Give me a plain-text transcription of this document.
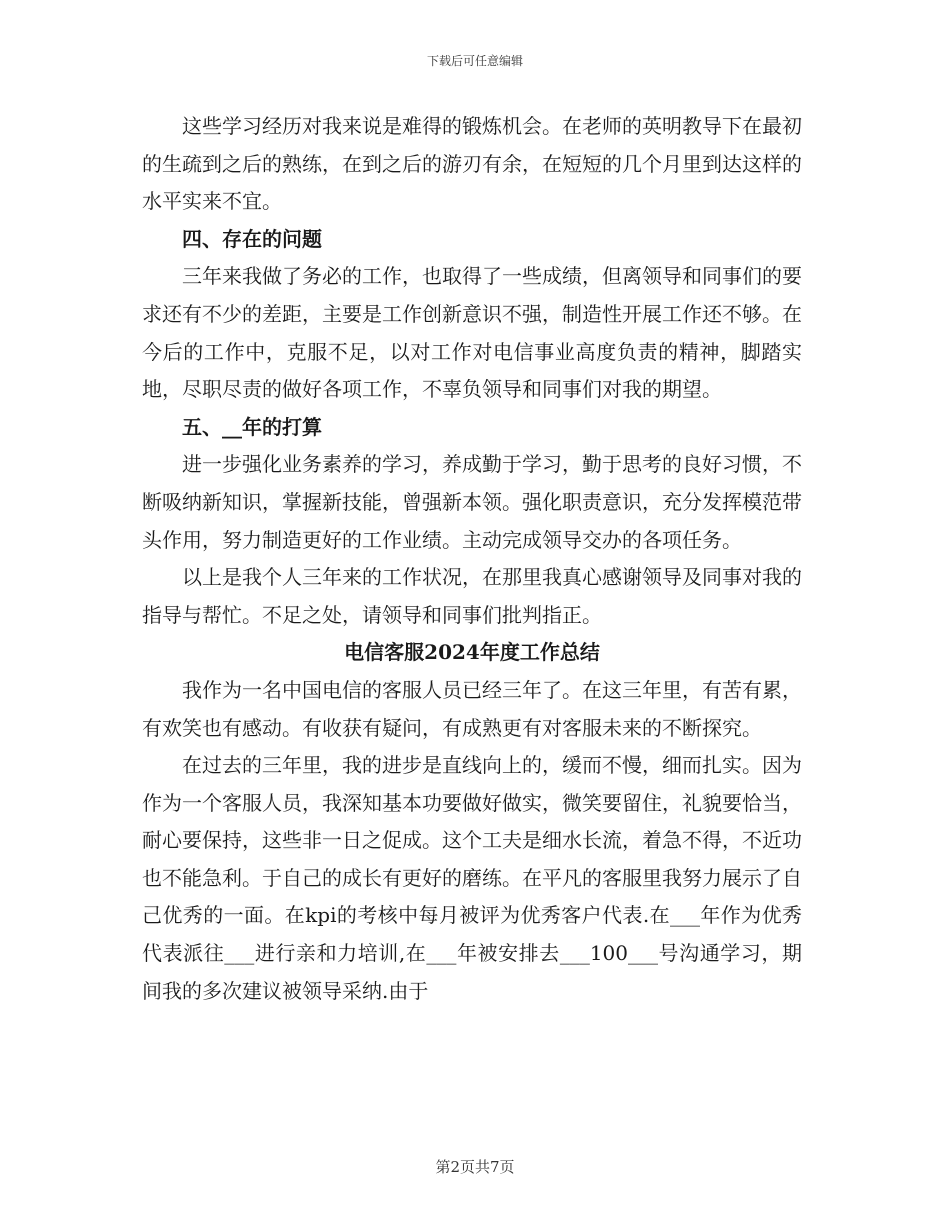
下载后可任意编辑

这些学习经历对我来说是难得的锻炼机会。在老师的英明教导下在最初的生疏到之后的熟练，在到之后的游刃有余，在短短的几个月里到达这样的水平实来不宜。

四、存在的问题

三年来我做了务必的工作，也取得了一些成绩，但离领导和同事们的要求还有不少的差距，主要是工作创新意识不强，制造性开展工作还不够。在今后的工作中，克服不足，以对工作对电信事业高度负责的精神，脚踏实地，尽职尽责的做好各项工作，不辜负领导和同事们对我的期望。

五、__年的打算

进一步强化业务素养的学习，养成勤于学习，勤于思考的良好习惯，不断吸纳新知识，掌握新技能，曾强新本领。强化职责意识，充分发挥模范带头作用，努力制造更好的工作业绩。主动完成领导交办的各项任务。

以上是我个人三年来的工作状况，在那里我真心感谢领导及同事对我的指导与帮忙。不足之处，请领导和同事们批判指正。

电信客服2024年度工作总结

我作为一名中国电信的客服人员已经三年了。在这三年里，有苦有累，有欢笑也有感动。有收获有疑问，有成熟更有对客服未来的不断探究。

在过去的三年里，我的进步是直线向上的，缓而不慢，细而扎实。因为作为一个客服人员，我深知基本功要做好做实，微笑要留住，礼貌要恰当，耐心要保持，这些非一日之促成。这个工夫是细水长流，着急不得，不近功也不能急利。于自己的成长有更好的磨练。在平凡的客服里我努力展示了自己优秀的一面。在kpi的考核中每月被评为优秀客户代表.在___年作为优秀代表派往___进行亲和力培训,在___年被安排去___100___号沟通学习，期间我的多次建议被领导采纳.由于

第2页共7页
